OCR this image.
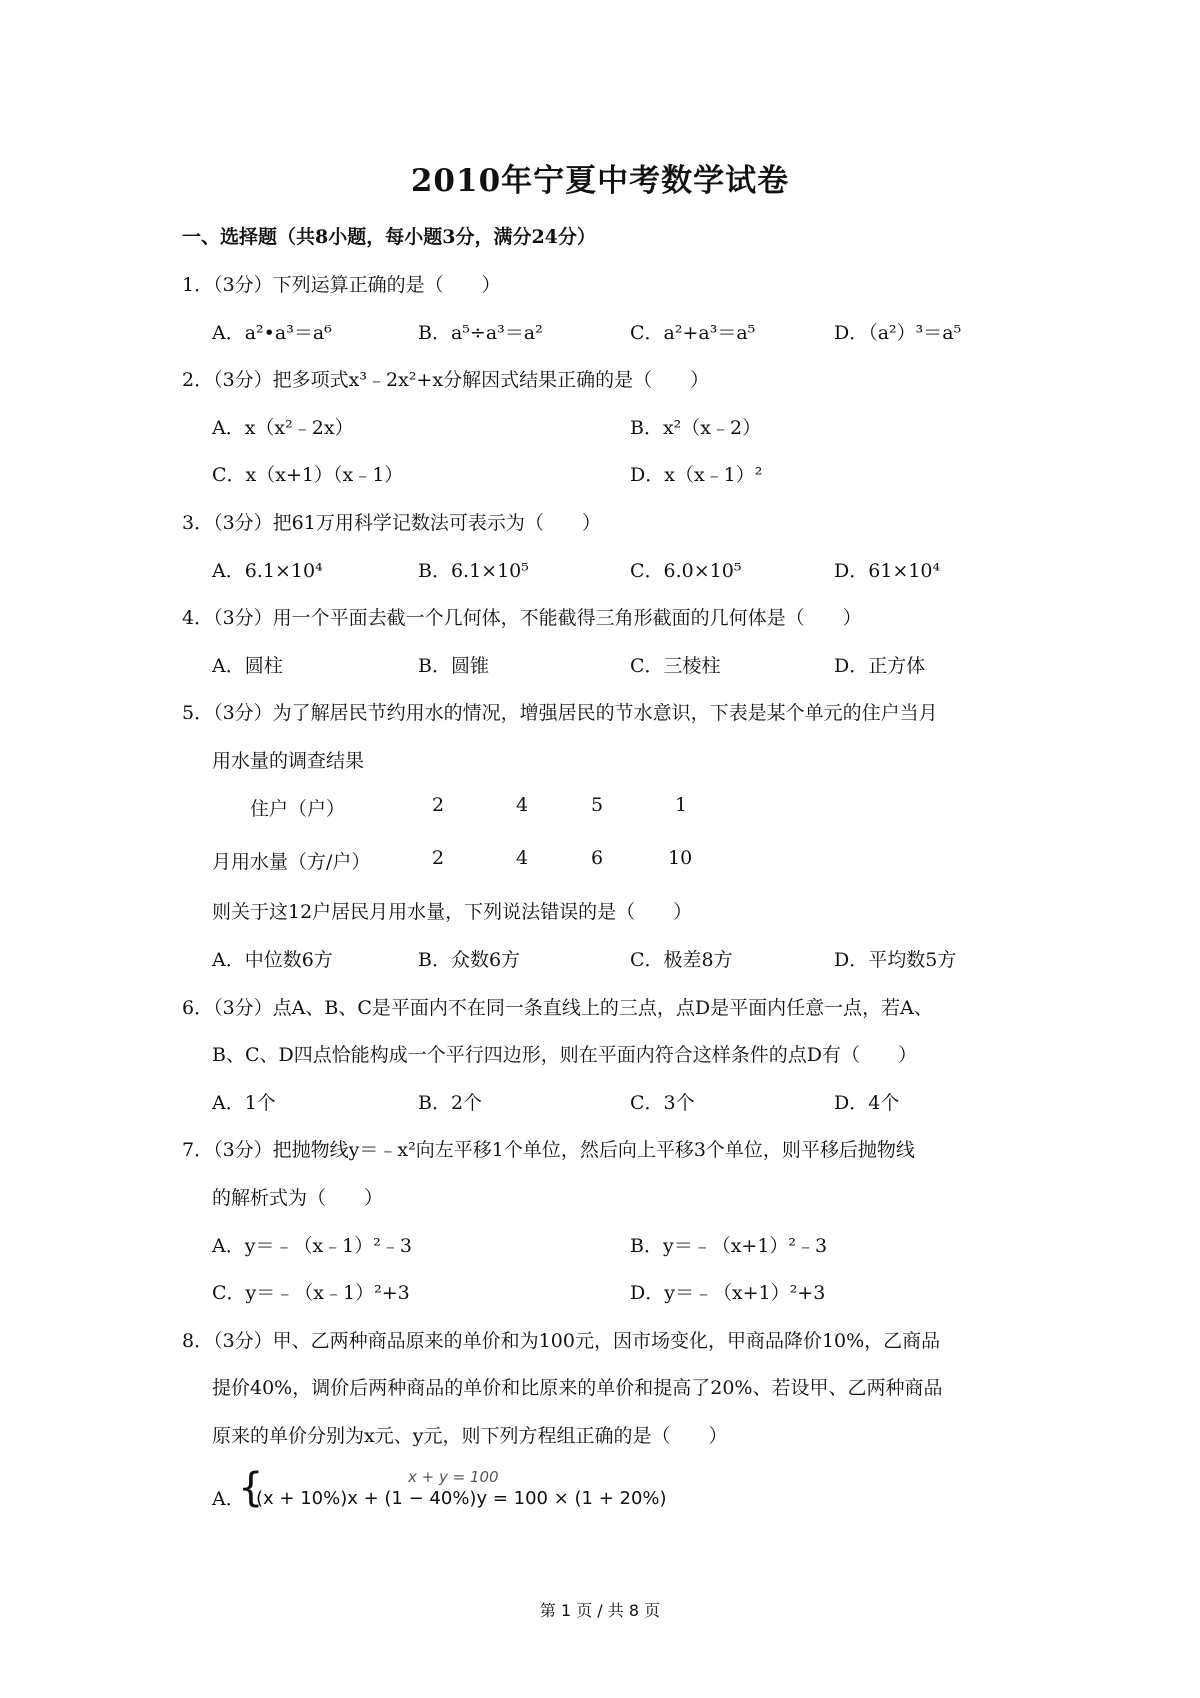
2010年宁夏中考数学试卷
一、选择题（共8小题，每小题3分，满分24分）
1．（3分）下列运算正确的是（　　）
A．a²•a³＝a⁶	B．a⁵÷a³＝a²	C．a²+a³＝a⁵	D．（a²）³＝a⁵
2．（3分）把多项式x³﹣2x²+x分解因式结果正确的是（　　）
A．x（x²﹣2x）	B．x²（x﹣2）
C．x（x+1）（x﹣1）	D．x（x﹣1）²
3．（3分）把61万用科学记数法可表示为（　　）
A．6.1×10⁴	B．6.1×10⁵	C．6.0×10⁵	D．61×10⁴
4．（3分）用一个平面去截一个几何体，不能截得三角形截面的几何体是（　　）
A．圆柱	B．圆锥	C．三棱柱	D．正方体
5．（3分）为了解居民节约用水的情况，增强居民的节水意识，下表是某个单元的住户当月
用水量的调查结果
住户（户）	2	4	5	1
月用水量（方/户）	2	4	6	10
则关于这12户居民月用水量，下列说法错误的是（　　）
A．中位数6方	B．众数6方	C．极差8方	D．平均数5方
6．（3分）点A、B、C是平面内不在同一条直线上的三点，点D是平面内任意一点，若A、
B、C、D四点恰能构成一个平行四边形，则在平面内符合这样条件的点D有（　　）
A．1个	B．2个	C．3个	D．4个
7．（3分）把抛物线y＝﹣x²向左平移1个单位，然后向上平移3个单位，则平移后抛物线
的解析式为（　　）
A．y＝﹣（x﹣1）²﹣3	B．y＝﹣（x+1）²﹣3
C．y＝﹣（x﹣1）²+3	D．y＝﹣（x+1）²+3
8．（3分）甲、乙两种商品原来的单价和为100元，因市场变化，甲商品降价10%，乙商品
提价40%，调价后两种商品的单价和比原来的单价和提高了20%、若设甲、乙两种商品
原来的单价分别为x元、y元，则下列方程组正确的是（　　）
A．
{	x + y = 100
(x + 10%)x + (1 − 40%)y = 100 × (1 + 20%)
第 1 页 / 共 8 页
